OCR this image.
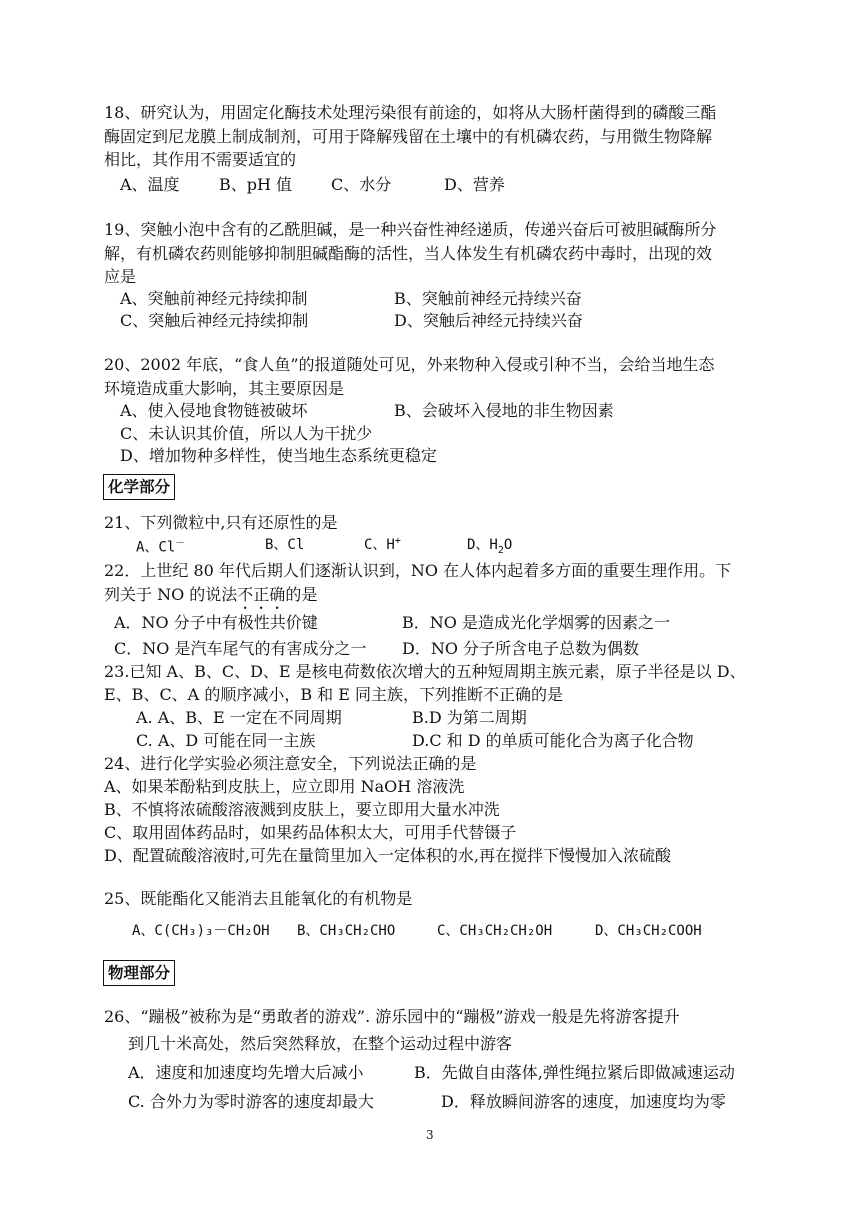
18、研究认为，用固定化酶技术处理污染很有前途的，如将从大肠杆菌得到的磷酸三酯
酶固定到尼龙膜上制成制剂，可用于降解残留在土壤中的有机磷农药，与用微生物降解
相比，其作用不需要适宜的
A、温度 B、pH 值 C、水分	D、营养
19、突触小泡中含有的乙酰胆碱，是一种兴奋性神经递质，传递兴奋后可被胆碱酶所分
解，有机磷农药则能够抑制胆碱酯酶的活性，当人体发生有机磷农药中毒时，出现的效
应是
A、突触前神经元持续抑制	B、突触前神经元持续兴奋
C、突触后神经元持续抑制	D、突触后神经元持续兴奋
20、2002 年底，“食人鱼”的报道随处可见，外来物种入侵或引种不当，会给当地生态
环境造成重大影响，其主要原因是
A、使入侵地食物链被破坏	B、会破坏入侵地的非生物因素
C、未认识其价值，所以人为干扰少
D、增加物种多样性，使当地生态系统更稳定
化学部分
21、下列微粒中,只有还原性的是
A、Cl－	B、Cl	C、H+	D、$H_2O$
22．上世纪 80 年代后期人们逐渐认识到，NO 在人体内起着多方面的重要生理作用。下
列关于 NO 的说法不正确的是
A．NO 分子中有极性共价键	B．NO 是造成光化学烟雾的因素之一
C．NO 是汽车尾气的有害成分之一 D．NO 分子所含电子总数为偶数
23.已知 A、B、C、D、E 是核电荷数依次增大的五种短周期主族元素，原子半径是以 D、
E、B、C、A 的顺序减小，B 和 E 同主族，下列推断不正确的是
A. A、B、E 一定在不同周期	B.D 为第二周期
C. A、D 可能在同一主族	D.C 和 D 的单质可能化合为离子化合物
24、进行化学实验必须注意安全，下列说法正确的是
A、如果苯酚粘到皮肤上，应立即用 NaOH 溶液洗
B、不慎将浓硫酸溶液溅到皮肤上，要立即用大量水冲洗
C、取用固体药品时，如果药品体积太大，可用手代替镊子
D、配置硫酸溶液时,可先在量筒里加入一定体积的水,再在搅拌下慢慢加入浓硫酸
25、既能酯化又能消去且能氧化的有机物是
A、C(CH₃)₃－CH₂OH B、CH₃CH₂CHO	C、CH₃CH₂CH₂OH	D、CH₃CH₂COOH
物理部分
26、“蹦极”被称为是“勇敢者的游戏”. 游乐园中的“蹦极”游戏一般是先将游客提升
到几十米高处，然后突然释放，在整个运动过程中游客
A．速度和加速度均先增大后减小	B．先做自由落体,弹性绳拉紧后即做减速运动
C. 合外力为零时游客的速度却最大	D．释放瞬间游客的速度，加速度均为零
3
